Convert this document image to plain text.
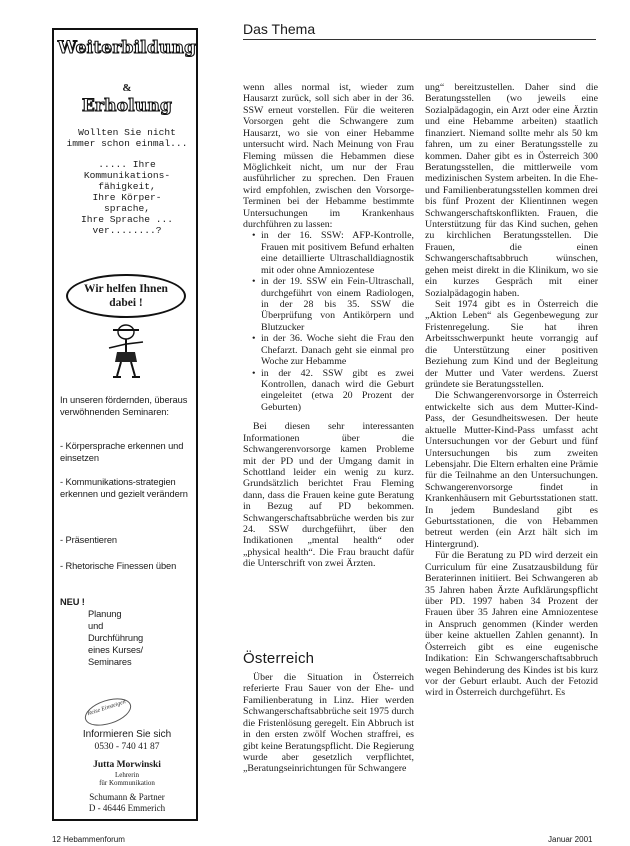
Das Thema
Weiterbildung
&
Erholung
Wollten Sie nicht
immer schon einmal...
..... Ihre
Kommunikations-
fähigkeit,
Ihre Körper-
sprache,
Ihre Sprache ...
ver........?
Wir helfen Ihnen
dabei !
In unseren fördernden, überaus verwöhnenden Seminaren:
- Körpersprache erkennen und einsetzen
- Kommunikations-strategien erkennen und gezielt verändern
- Präsentieren
- Rhetorische Finessen üben
NEU !
Planung
und
Durchführung
eines Kurses/
Seminares
Reise Einsteigen
Informieren Sie sich
0530 - 740 41 87
Jutta Morwinski
Lehrerin
für Kommunikation
Schumann & Partner
D - 46446 Emmerich

wenn alles normal ist, wieder zum Hausarzt zurück, soll sich aber in der 36. SSW erneut vorstellen. Für die weiteren Vorsorgen geht die Schwangere zum Hausarzt, wo sie von einer Hebamme untersucht wird. Nach Meinung von Frau Fleming müssen die Hebammen diese Möglichkeit nicht, um nur der Frau ausführlicher zu sprechen. Den Frauen wird empfohlen, zwischen den Vorsorge-Terminen bei der Hebamme bestimmte Untersuchungen im Krankenhaus durchführen zu lassen:

• in der 16. SSW: AFP-Kontrolle, Frauen mit positivem Befund erhalten eine detaillierte Ultraschalldiagnostik mit oder ohne Amniozentese
• in der 19. SSW ein Fein-Ultraschall, durchgeführt von einem Radiologen, in der 28 bis 35. SSW die Überprüfung von Antikörpern und Blutzucker
• in der 36. Woche sieht die Frau den Chefarzt. Danach geht sie einmal pro Woche zur Hebamme
• in der 42. SSW gibt es zwei Kontrollen, danach wird die Geburt eingeleitet (etwa 20 Prozent der Geburten)

Bei diesen sehr interessanten Informationen über die Schwangerenvorsorge kamen Probleme mit der PD und der Umgang damit in Schottland leider ein wenig zu kurz. Grundsätzlich berichtet Frau Fleming dann, dass die Frauen keine gute Beratung in Bezug auf PD bekommen. Schwangerschaftsabbrüche werden bis zur 24. SSW durchgeführt, über den Indikationen „mental health“ oder „physical health“. Die Frau braucht dafür die Unterschrift von zwei Ärzten.

Österreich

Über die Situation in Österreich referierte Frau Sauer von der Ehe- und Familienberatung in Linz. Hier werden Schwangerschaftsabbrüche seit 1975 durch die Fristenlösung geregelt. Ein Abbruch ist in den ersten zwölf Wochen straffrei, es gibt keine Beratungspflicht. Die Regierung wurde aber gesetzlich verpflichtet, „Beratungseinrichtungen für Schwangere

ung“ bereitzustellen. Daher sind die Beratungsstellen (wo jeweils eine Sozialpädagogin, ein Arzt oder eine Ärztin und eine Hebamme arbeiten) staatlich finanziert. Niemand sollte mehr als 50 km fahren, um zu einer Beratungsstelle zu kommen. Daher gibt es in Österreich 300 Beratungsstellen, die mittlerweile vom medizinischen System arbeiten. In die Ehe- und Familienberatungsstellen kommen drei bis fünf Prozent der Klientinnen wegen Schwangerschaftskonflikten. Frauen, die Unterstützung für das Kind suchen, gehen zu kirchlichen Beratungsstellen. Die Frauen, die einen Schwangerschaftsabbruch wünschen, gehen meist direkt in die Klinikum, wo sie ein kurzes Gespräch mit einer Sozialpädagogin haben.

Seit 1974 gibt es in Österreich die „Aktion Leben“ als Gegenbewegung zur Fristenregelung. Sie hat ihren Arbeitsschwerpunkt heute vorrangig auf die Unterstützung einer positiven Beziehung zum Kind und der Begleitung der Mutter und Vater werdens. Zuerst gründete sie Beratungsstellen.

Die Schwangerenvorsorge in Österreich entwickelte sich aus dem Mutter-Kind-Pass, der Gesundheitswesen. Der heute aktuelle Mutter-Kind-Pass umfasst acht Untersuchungen vor der Geburt und fünf Untersuchungen bis zum zweiten Lebensjahr. Die Eltern erhalten eine Prämie für die Teilnahme an den Untersuchungen. Schwangerenvorsorge findet in Krankenhäusern mit Geburtsstationen statt. In jedem Bundesland gibt es Geburtsstationen, die von Hebammen betreut werden (ein Arzt hält sich im Hintergrund).

Für die Beratung zu PD wird derzeit ein Curriculum für eine Zusatzausbildung für Beraterinnen initiiert. Bei Schwangeren ab 35 Jahren haben Ärzte Aufklärungspflicht über PD. 1997 haben 34 Prozent der Frauen über 35 Jahren eine Amniozentese in Anspruch genommen (Kinder werden über keine aktuellen Zahlen genannt). In Österreich gibt es eine eugenische Indikation: Ein Schwangerschaftsabbruch wegen Behinderung des Kindes ist bis kurz vor der Geburt erlaubt. Auch der Fetozid wird in Österreich durchgeführt. Es

12 Hebammenforum	Januar 2001
